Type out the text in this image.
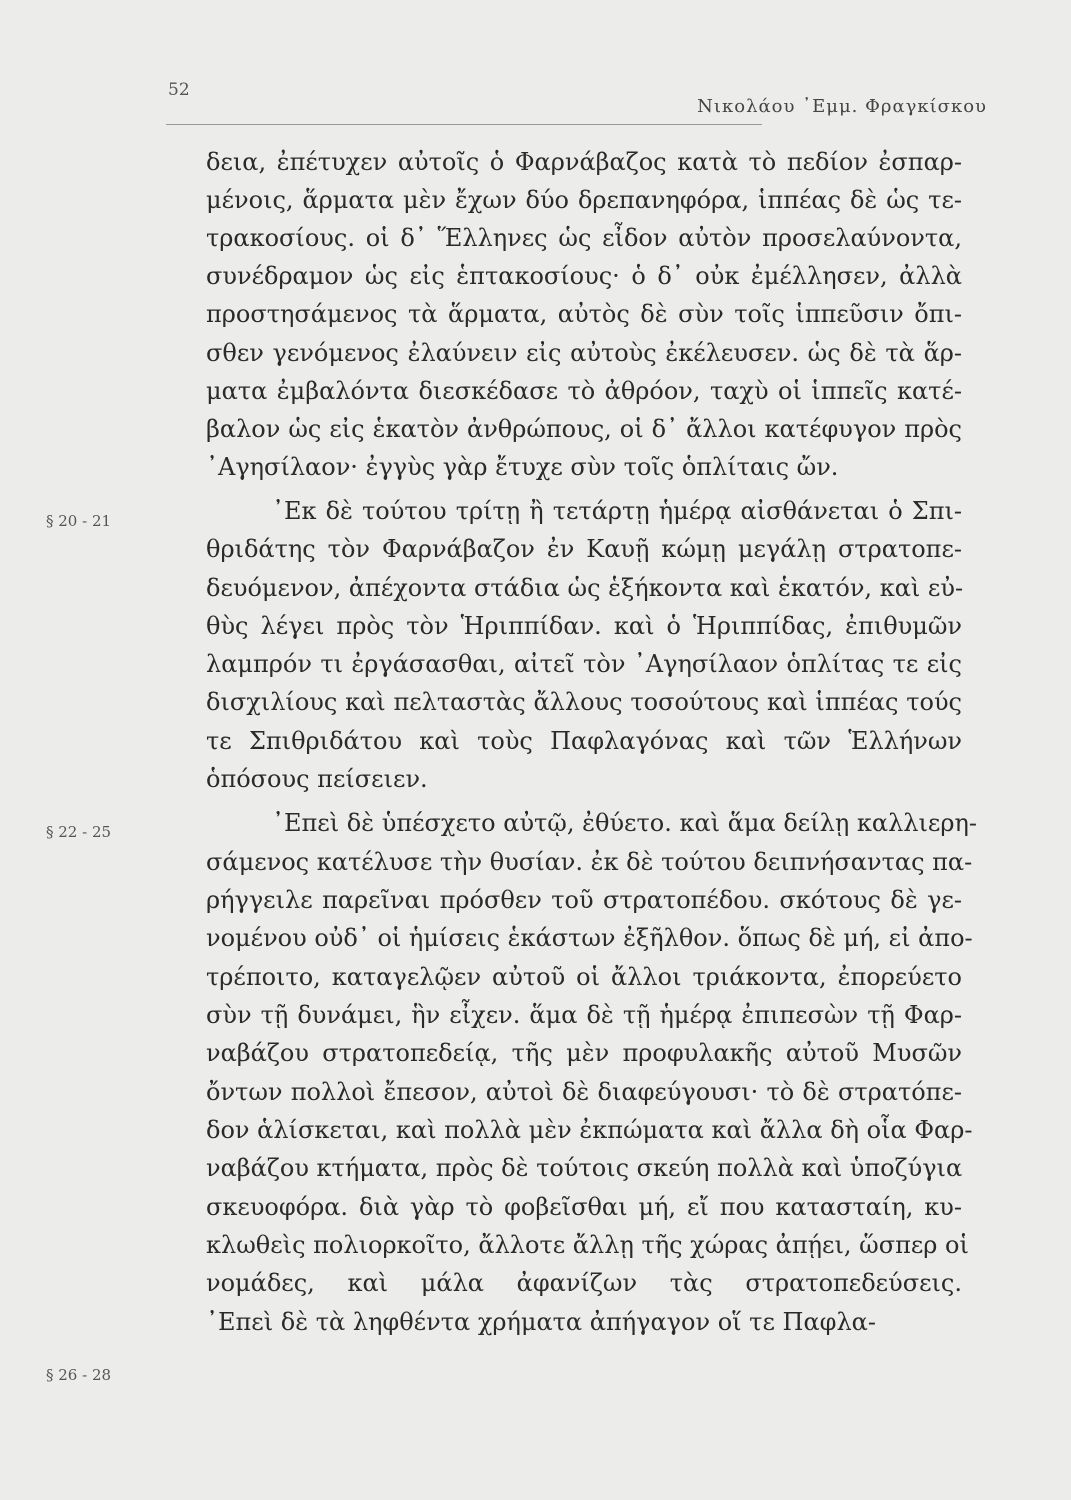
52
Νικολάου ᾿Εμμ. Φραγκίσκου
δεια, ἐπέτυχεν αὐτοῖς ὁ Φαρνάβαζος κατὰ τὸ πεδίον ἐσπαρ-
μένοις, ἅρματα μὲν ἔχων δύο δρεπανηφόρα, ἱππέας δὲ ὡς τε-
τρακοσίους. οἱ δ᾿ Ἕλληνες ὡς εἶδον αὐτὸν προσελαύνοντα,
συνέδραμον ὡς εἰς ἑπτακοσίους· ὁ δ᾿ οὐκ ἐμέλλησεν, ἀλλὰ
προστησάμενος τὰ ἅρματα, αὐτὸς δὲ σὺν τοῖς ἱππεῦσιν ὄπι-
σθεν γενόμενος ἐλαύνειν εἰς αὐτοὺς ἐκέλευσεν. ὡς δὲ τὰ ἅρ-
ματα ἐμβαλόντα διεσκέδασε τὸ ἀθρόον, ταχὺ οἱ ἱππεῖς κατέ-
βαλον ὡς εἰς ἑκατὸν ἀνθρώπους, οἱ δ᾿ ἄλλοι κατέφυγον πρὸς
᾿Αγησίλαον· ἐγγὺς γὰρ ἔτυχε σὺν τοῖς ὁπλίταις ὤν.
᾿Εκ δὲ τούτου τρίτῃ ἢ τετάρτῃ ἡμέρᾳ αἰσθάνεται ὁ Σπι-
θριδάτης τὸν Φαρνάβαζον ἐν Καυῇ κώμῃ μεγάλῃ στρατοπε-
δευόμενον, ἀπέχοντα στάδια ὡς ἑξήκοντα καὶ ἑκατόν, καὶ εὐ-
θὺς λέγει πρὸς τὸν Ἡριππίδαν. καὶ ὁ Ἡριππίδας, ἐπιθυμῶν
λαμπρόν τι ἐργάσασθαι, αἰτεῖ τὸν ᾿Αγησίλαον ὁπλίτας τε εἰς
δισχιλίους καὶ πελταστὰς ἄλλους τοσούτους καὶ ἱππέας τούς
τε Σπιθριδάτου καὶ τοὺς Παφλαγόνας καὶ τῶν Ἑλλήνων
ὁπόσους πείσειεν.
᾿Επεὶ δὲ ὑπέσχετο αὐτῷ, ἐθύετο. καὶ ἅμα δείλῃ καλλιερη-
σάμενος κατέλυσε τὴν θυσίαν. ἐκ δὲ τούτου δειπνήσαντας πα-
ρήγγειλε παρεῖναι πρόσθεν τοῦ στρατοπέδου. σκότους δὲ γε-
νομένου οὐδ᾿ οἱ ἡμίσεις ἑκάστων ἐξῆλθον. ὅπως δὲ μή, εἰ ἀπο-
τρέποιτο, καταγελῷεν αὐτοῦ οἱ ἄλλοι τριάκοντα, ἐπορεύετο
σὺν τῇ δυνάμει, ἣν εἶχεν. ἅμα δὲ τῇ ἡμέρᾳ ἐπιπεσὼν τῇ Φαρ-
ναβάζου στρατοπεδείᾳ, τῆς μὲν προφυλακῆς αὐτοῦ Μυσῶν
ὄντων πολλοὶ ἔπεσον, αὐτοὶ δὲ διαφεύγουσι· τὸ δὲ στρατόπε-
δον ἁλίσκεται, καὶ πολλὰ μὲν ἐκπώματα καὶ ἄλλα δὴ οἷα Φαρ-
ναβάζου κτήματα, πρὸς δὲ τούτοις σκεύη πολλὰ καὶ ὑποζύγια
σκευοφόρα. διὰ γὰρ τὸ φοβεῖσθαι μή, εἴ που κατασταίη, κυ-
κλωθεὶς πολιορκοῖτο, ἄλλοτε ἄλλῃ τῆς χώρας ἀπῄει, ὥσπερ οἱ
νομάδες, καὶ μάλα ἀφανίζων τὰς στρατοπεδεύσεις.
᾿Επεὶ δὲ τὰ ληφθέντα χρήματα ἀπήγαγον οἵ τε Παφλα-
§ 20 - 21
§ 22 - 25
§ 26 - 28
